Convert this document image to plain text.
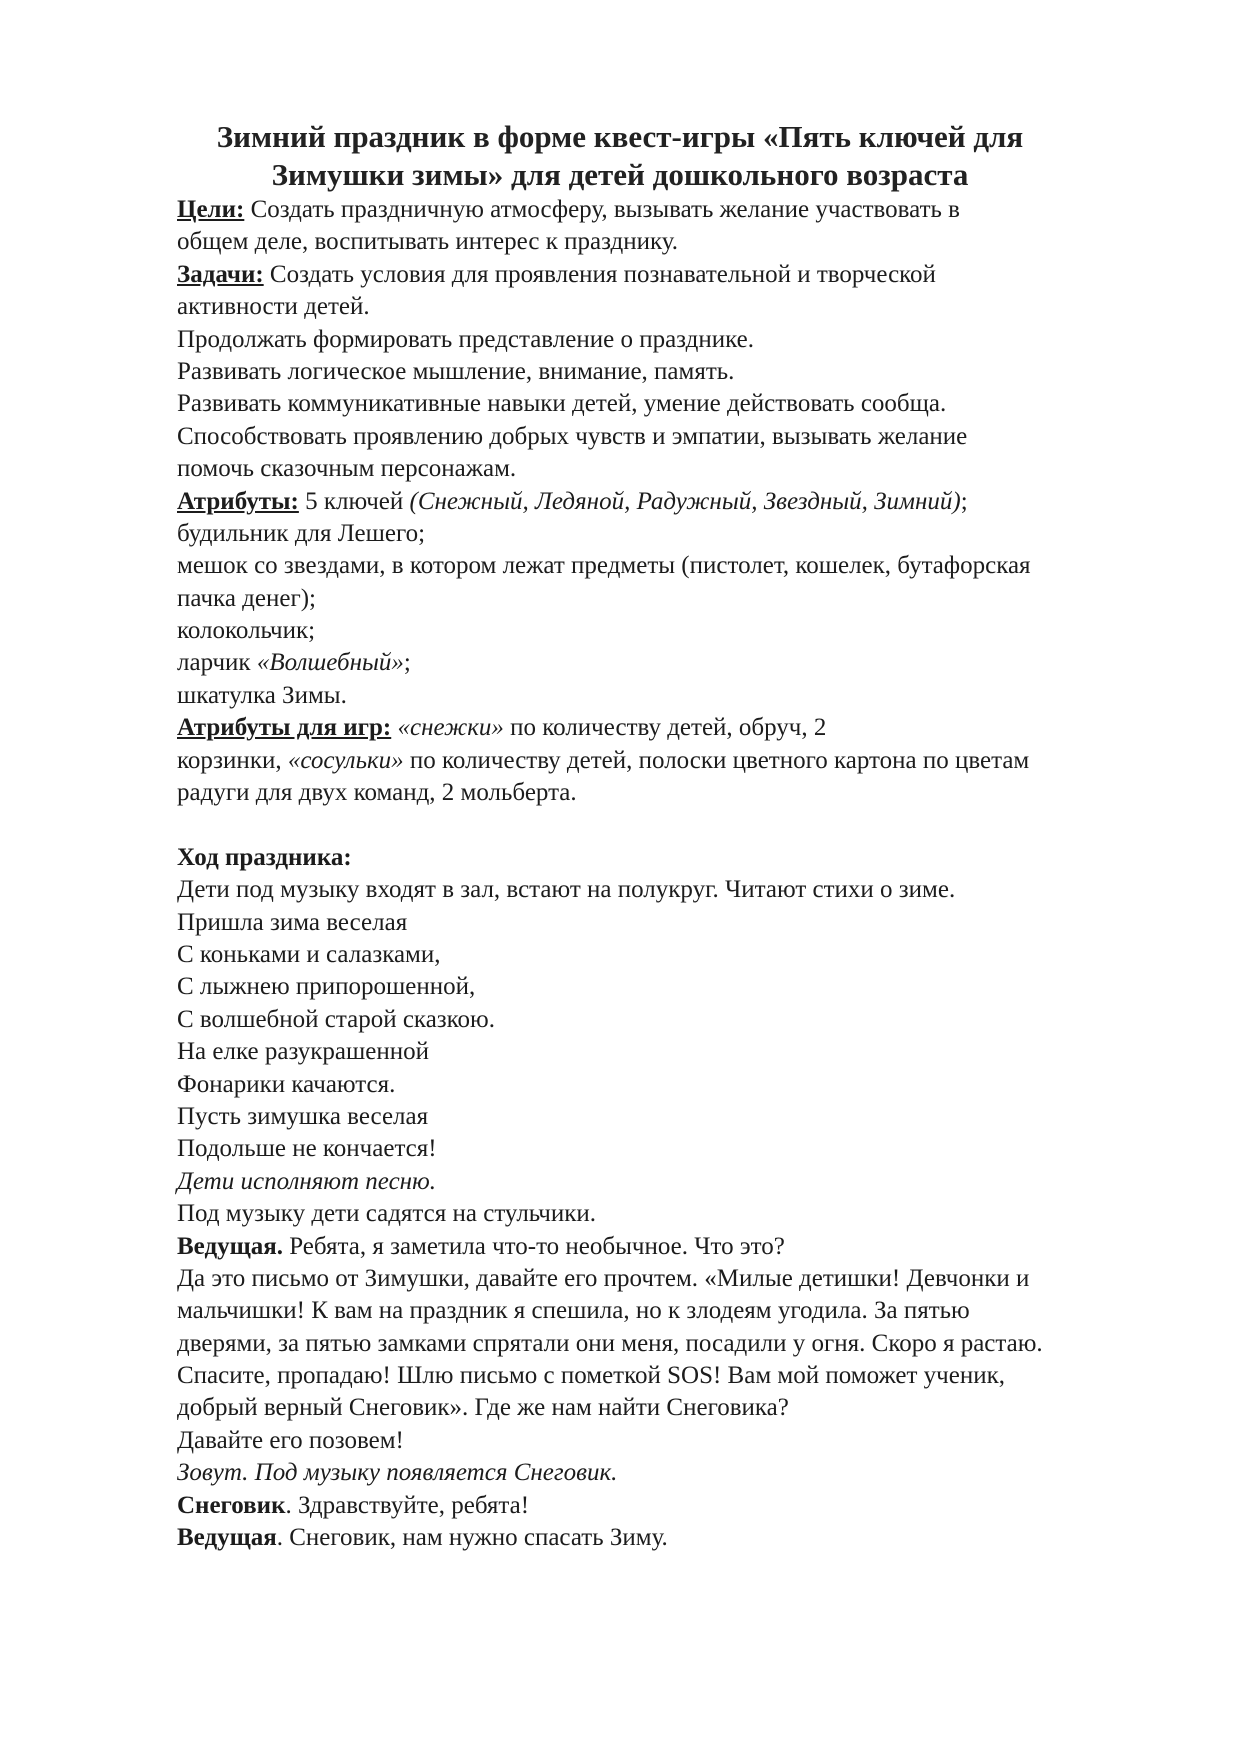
Зимний праздник в форме квест-игры «Пять ключей для
Зимушки зимы» для детей дошкольного возраста
Цели: Создать праздничную атмосферу, вызывать желание участвовать в
общем деле, воспитывать интерес к празднику.
Задачи: Создать условия для проявления познавательной и творческой
активности детей.
Продолжать формировать представление о празднике.
Развивать логическое мышление, внимание, память.
Развивать коммуникативные навыки детей, умение действовать сообща.
Способствовать проявлению добрых чувств и эмпатии, вызывать желание
помочь сказочным персонажам.
Атрибуты: 5 ключей (Снежный, Ледяной, Радужный, Звездный, Зимний);
будильник для Лешего;
мешок со звездами, в котором лежат предметы (пистолет, кошелек, бутафорская
пачка денег);
колокольчик;
ларчик «Волшебный»;
шкатулка Зимы.
Атрибуты для игр: «снежки» по количеству детей, обруч, 2
корзинки, «сосульки» по количеству детей, полоски цветного картона по цветам
радуги для двух команд, 2 мольберта.
Ход праздника:
Дети под музыку входят в зал, встают на полукруг. Читают стихи о зиме.
Пришла зима веселая
С коньками и салазками,
С лыжнею припорошенной,
С волшебной старой сказкою.
На елке разукрашенной
Фонарики качаются.
Пусть зимушка веселая
Подольше не кончается!
Дети исполняют песню.
Под музыку дети садятся на стульчики.
Ведущая. Ребята, я заметила что-то необычное. Что это?
Да это письмо от Зимушки, давайте его прочтем. «Милые детишки! Девчонки и
мальчишки! К вам на праздник я спешила, но к злодеям угодила. За пятью
дверями, за пятью замками спрятали они меня, посадили у огня. Скоро я растаю.
Спасите, пропадаю! Шлю письмо с пометкой SOS! Вам мой поможет ученик,
добрый верный Снеговик». Где же нам найти Снеговика?
Давайте его позовем!
Зовут. Под музыку появляется Снеговик.
Снеговик. Здравствуйте, ребята!
Ведущая. Снеговик, нам нужно спасать Зиму.
